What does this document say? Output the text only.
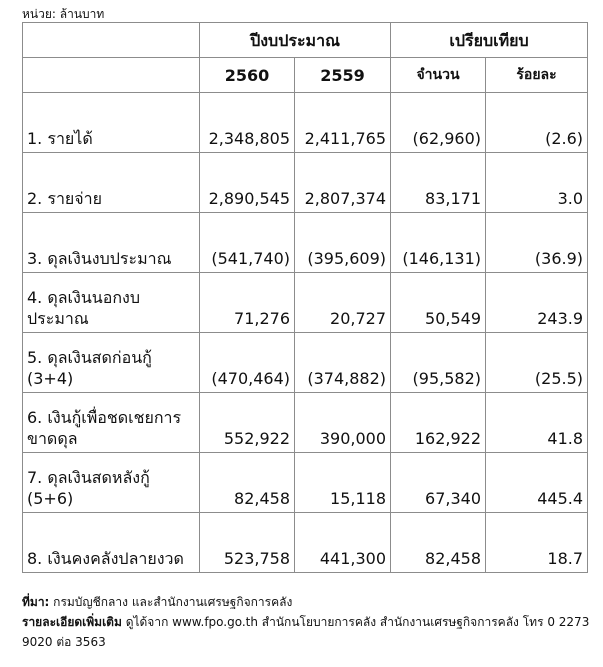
หน่วย: ล้านบาท
	ปีงบประมาณ		เปรียบเทียบ	
	2560	2559	จำนวน	ร้อยละ
1. รายได้	2,348,805	2,411,765	(62,960)	(2.6)
2. รายจ่าย	2,890,545	2,807,374	83,171	3.0
3. ดุลเงินงบประมาณ	(541,740)	(395,609)	(146,131)	(36.9)
4. ดุลเงินนอกงบประมาณ	71,276	20,727	50,549	243.9
5. ดุลเงินสดก่อนกู้ (3+4)	(470,464)	(374,882)	(95,582)	(25.5)
6. เงินกู้เพื่อชดเชยการขาดดุล	552,922	390,000	162,922	41.8
7. ดุลเงินสดหลังกู้ (5+6)	82,458	15,118	67,340	445.4
8. เงินคงคลังปลายงวด	523,758	441,300	82,458	18.7
ที่มา: กรมบัญชีกลาง และสำนักงานเศรษฐกิจการคลัง
รายละเอียดเพิ่มเติม ดูได้จาก www.fpo.go.th สำนักนโยบายการคลัง สำนักงานเศรษฐกิจการคลัง โทร 0 2273 9020 ต่อ 3563
